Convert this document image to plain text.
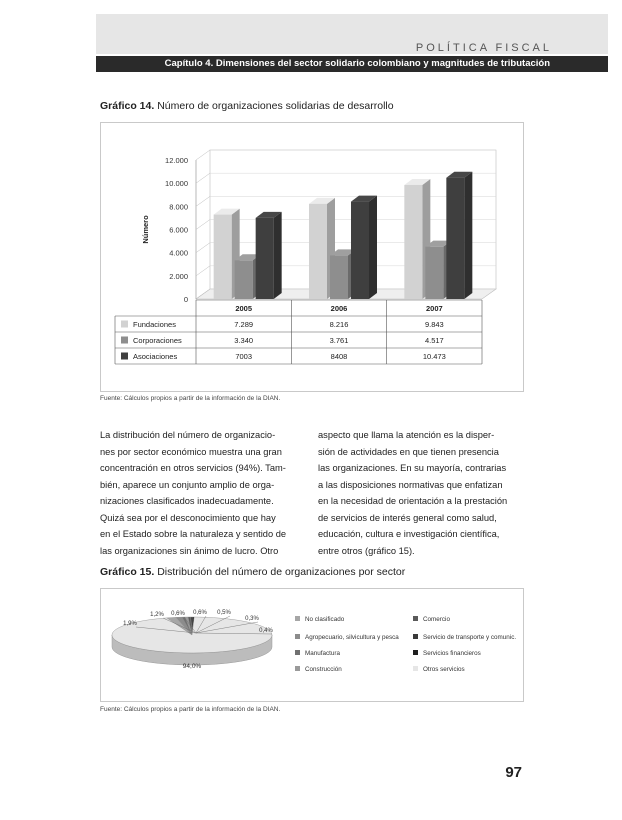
POLÍTICA FISCAL
Capítulo 4. Dimensiones del sector solidario colombiano y magnitudes de tributación
Gráfico 14. Número de organizaciones solidarias de desarrollo
0
2.000
4.000
6.000
8.000
10.000
12.000
Número
2005	2006	2007
Fundaciones	7.289	8.216	9.843
Corporaciones	3.340	3.761	4.517
Asociaciones	7003	8408	10.473
Fuente: Cálculos propios a partir de la información de la DIAN.
La distribución del número de organizacio-
nes por sector económico muestra una gran
concentración en otros servicios (94%). Tam-
bién, aparece un conjunto amplio de orga-
nizaciones clasificados inadecuadamente.
Quizá sea por el desconocimiento que hay
en el Estado sobre la naturaleza y sentido de
las organizaciones sin ánimo de lucro. Otro
aspecto que llama la atención es la disper-
sión de actividades en que tienen presencia
las organizaciones. En su mayoría, contrarias
a las disposiciones normativas que enfatizan
en la necesidad de orientación a la prestación
de servicios de interés general como salud,
educación, cultura e investigación científica,
entre otros (gráfico 15).
Gráfico 15. Distribución del número de organizaciones por sector
1,9%
1,2% 0,6% 0,6% 0,5%
0,3%
0,4%
94,0%
No clasificado
Agropecuario, silvicultura y pesca
Manufactura
Construcción
Comercio
Servicio de transporte y comunic.
Servicios financieros
Otros servicios
Fuente: Cálculos propios a partir de la información de la DIAN.
97
